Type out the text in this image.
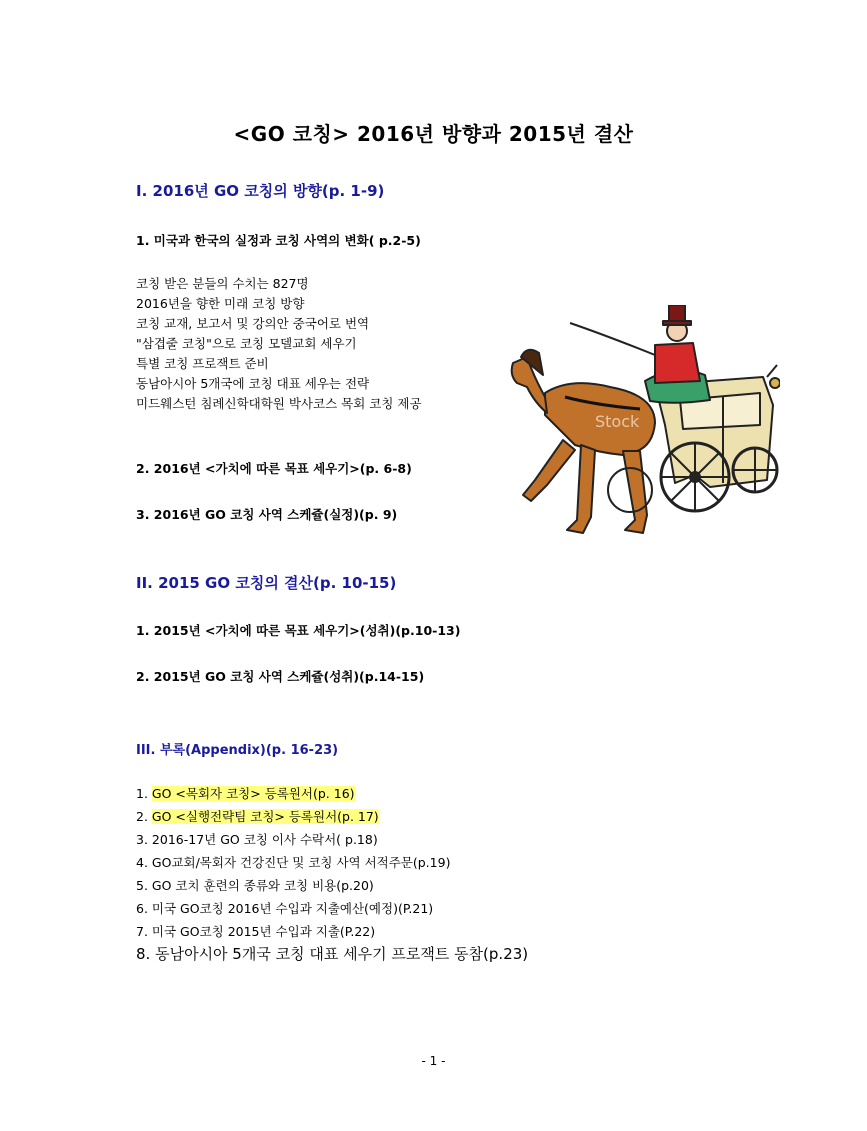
<GO 코칭> 2016년 방향과 2015년 결산
I. 2016년 GO 코칭의 방향(p. 1-9)
1. 미국과 한국의 실정과 코칭 사역의 변화( p.2-5)
코칭 받은 분들의 수치는 827명
2016년을 향한 미래 코칭 방향
코칭 교재, 보고서 및 강의안 중국어로 번역
"삼겹줄 코칭"으로 코칭 모델교회 세우기
특별 코칭 프로잭트 준비
동남아시아 5개국에 코칭 대표 세우는 전략
미드웨스턴 침례신학대학원 박사코스 목회 코칭 제공
2. 2016년 <가치에 따른 목표 세우기>(p. 6-8)
3. 2016년 GO 코칭 사역 스케쥴(실정)(p. 9)
II. 2015 GO 코칭의 결산(p. 10-15)
1. 2015년 <가치에 따른 목표 세우기>(성취)(p.10-13)
2. 2015년 GO 코칭 사역 스케쥴(성취)(p.14-15)
III. 부록(Appendix)(p. 16-23)
1. GO <목회자 코칭> 등록원서(p. 16)
2. GO <실행전략팀 코칭> 등록원서(p. 17)
3. 2016-17년 GO 코칭 이사 수락서( p.18)
4. GO교회/목회자 건강진단 및 코칭 사역 서적주문(p.19)
5. GO 코치 훈련의 종류와 코칭 비용(p.20)
6. 미국 GO코칭 2016년 수입과 지출예산(예정)(P.21)
7. 미국 GO코칭 2015년 수입과 지출(P.22)
8. 동남아시아 5개국 코칭 대표 세우기 프로잭트 동참(p.23)
Stock
- 1 -
